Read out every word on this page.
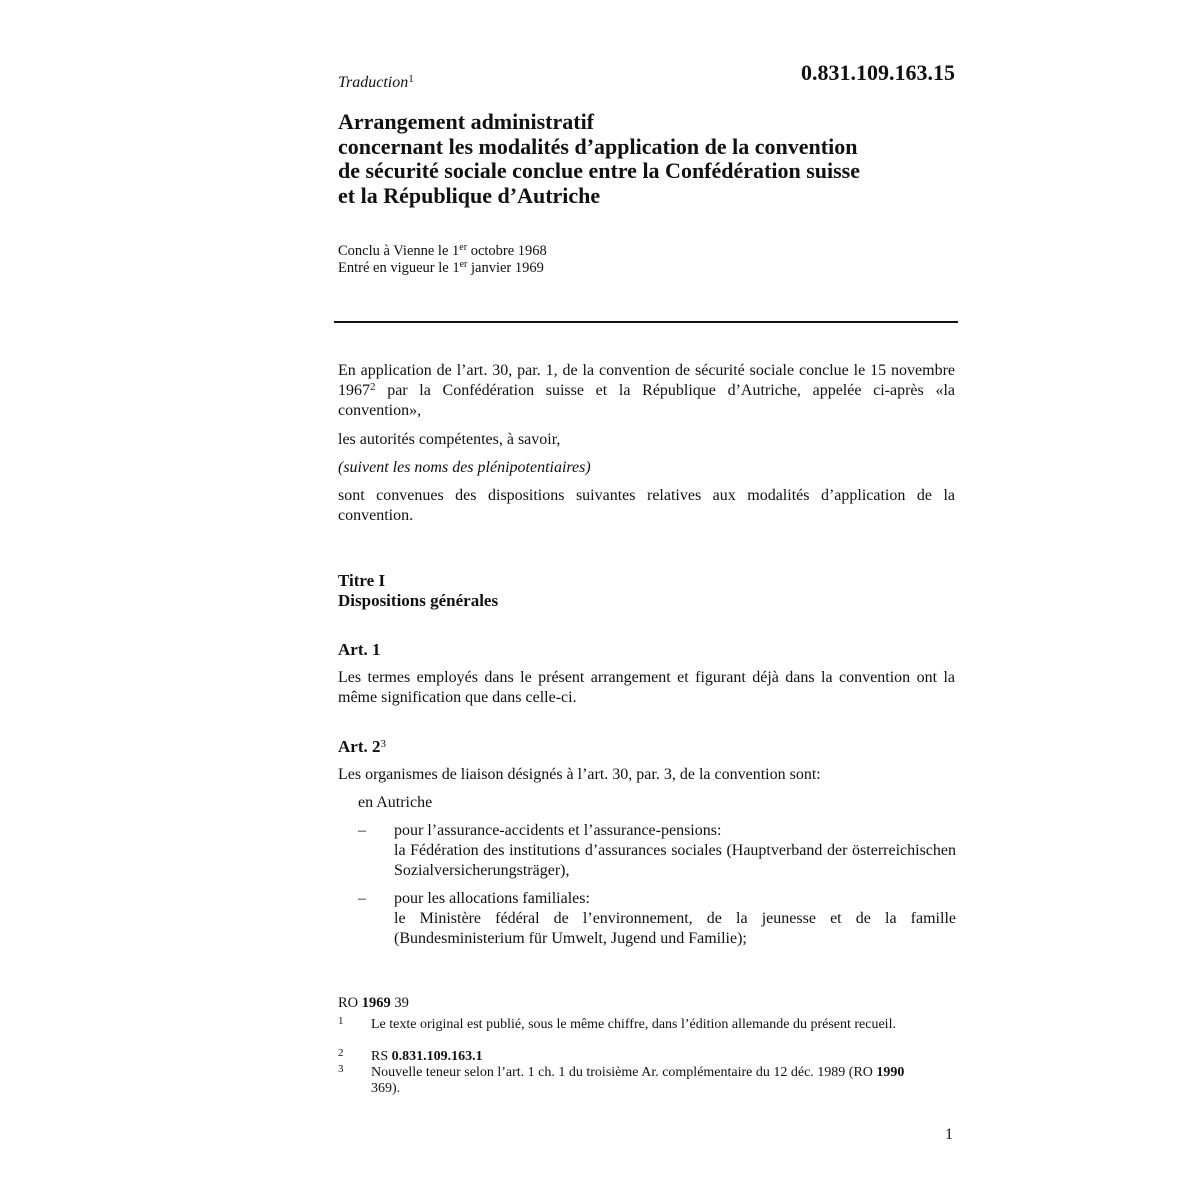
Traduction$^1$	0.831.109.163.15
Arrangement administratif
concernant les modalités d’application de la convention
de sécurité sociale conclue entre la Confédération suisse
et la République d’Autriche
Conclu à Vienne le 1er octobre 1968
Entré en vigueur le 1er janvier 1969
En application de l’art. 30, par. 1, de la convention de sécurité sociale conclue le 15 novembre 1967$^2$ par la Confédération suisse et la République d’Autriche, appelée ci-après «la convention»,
les autorités compétentes, à savoir,
(suivent les noms des plénipotentiaires)
sont convenues des dispositions suivantes relatives aux modalités d’application de la convention.
Titre I
Dispositions générales
Art. 1
Les termes employés dans le présent arrangement et figurant déjà dans la convention ont la même signification que dans celle-ci.
Art. $2^3$
Les organismes de liaison désignés à l’art. 30, par. 3, de la convention sont:
en Autriche
– pour l’assurance-accidents et l’assurance-pensions:
la Fédération des institutions d’assurances sociales (Hauptverband der österreichischen Sozialversicherungsträger),
– pour les allocations familiales:
le Ministère fédéral de l’environnement, de la jeunesse et de la famille (Bundesministerium für Umwelt, Jugend und Familie);
RO 1969 39
1 Le texte original est publié, sous le même chiffre, dans l’édition allemande du présent recueil.
2 RS 0.831.109.163.1
3 Nouvelle teneur selon l’art. 1 ch. 1 du troisième Ar. complémentaire du 12 déc. 1989 (RO 1990 369).
1
